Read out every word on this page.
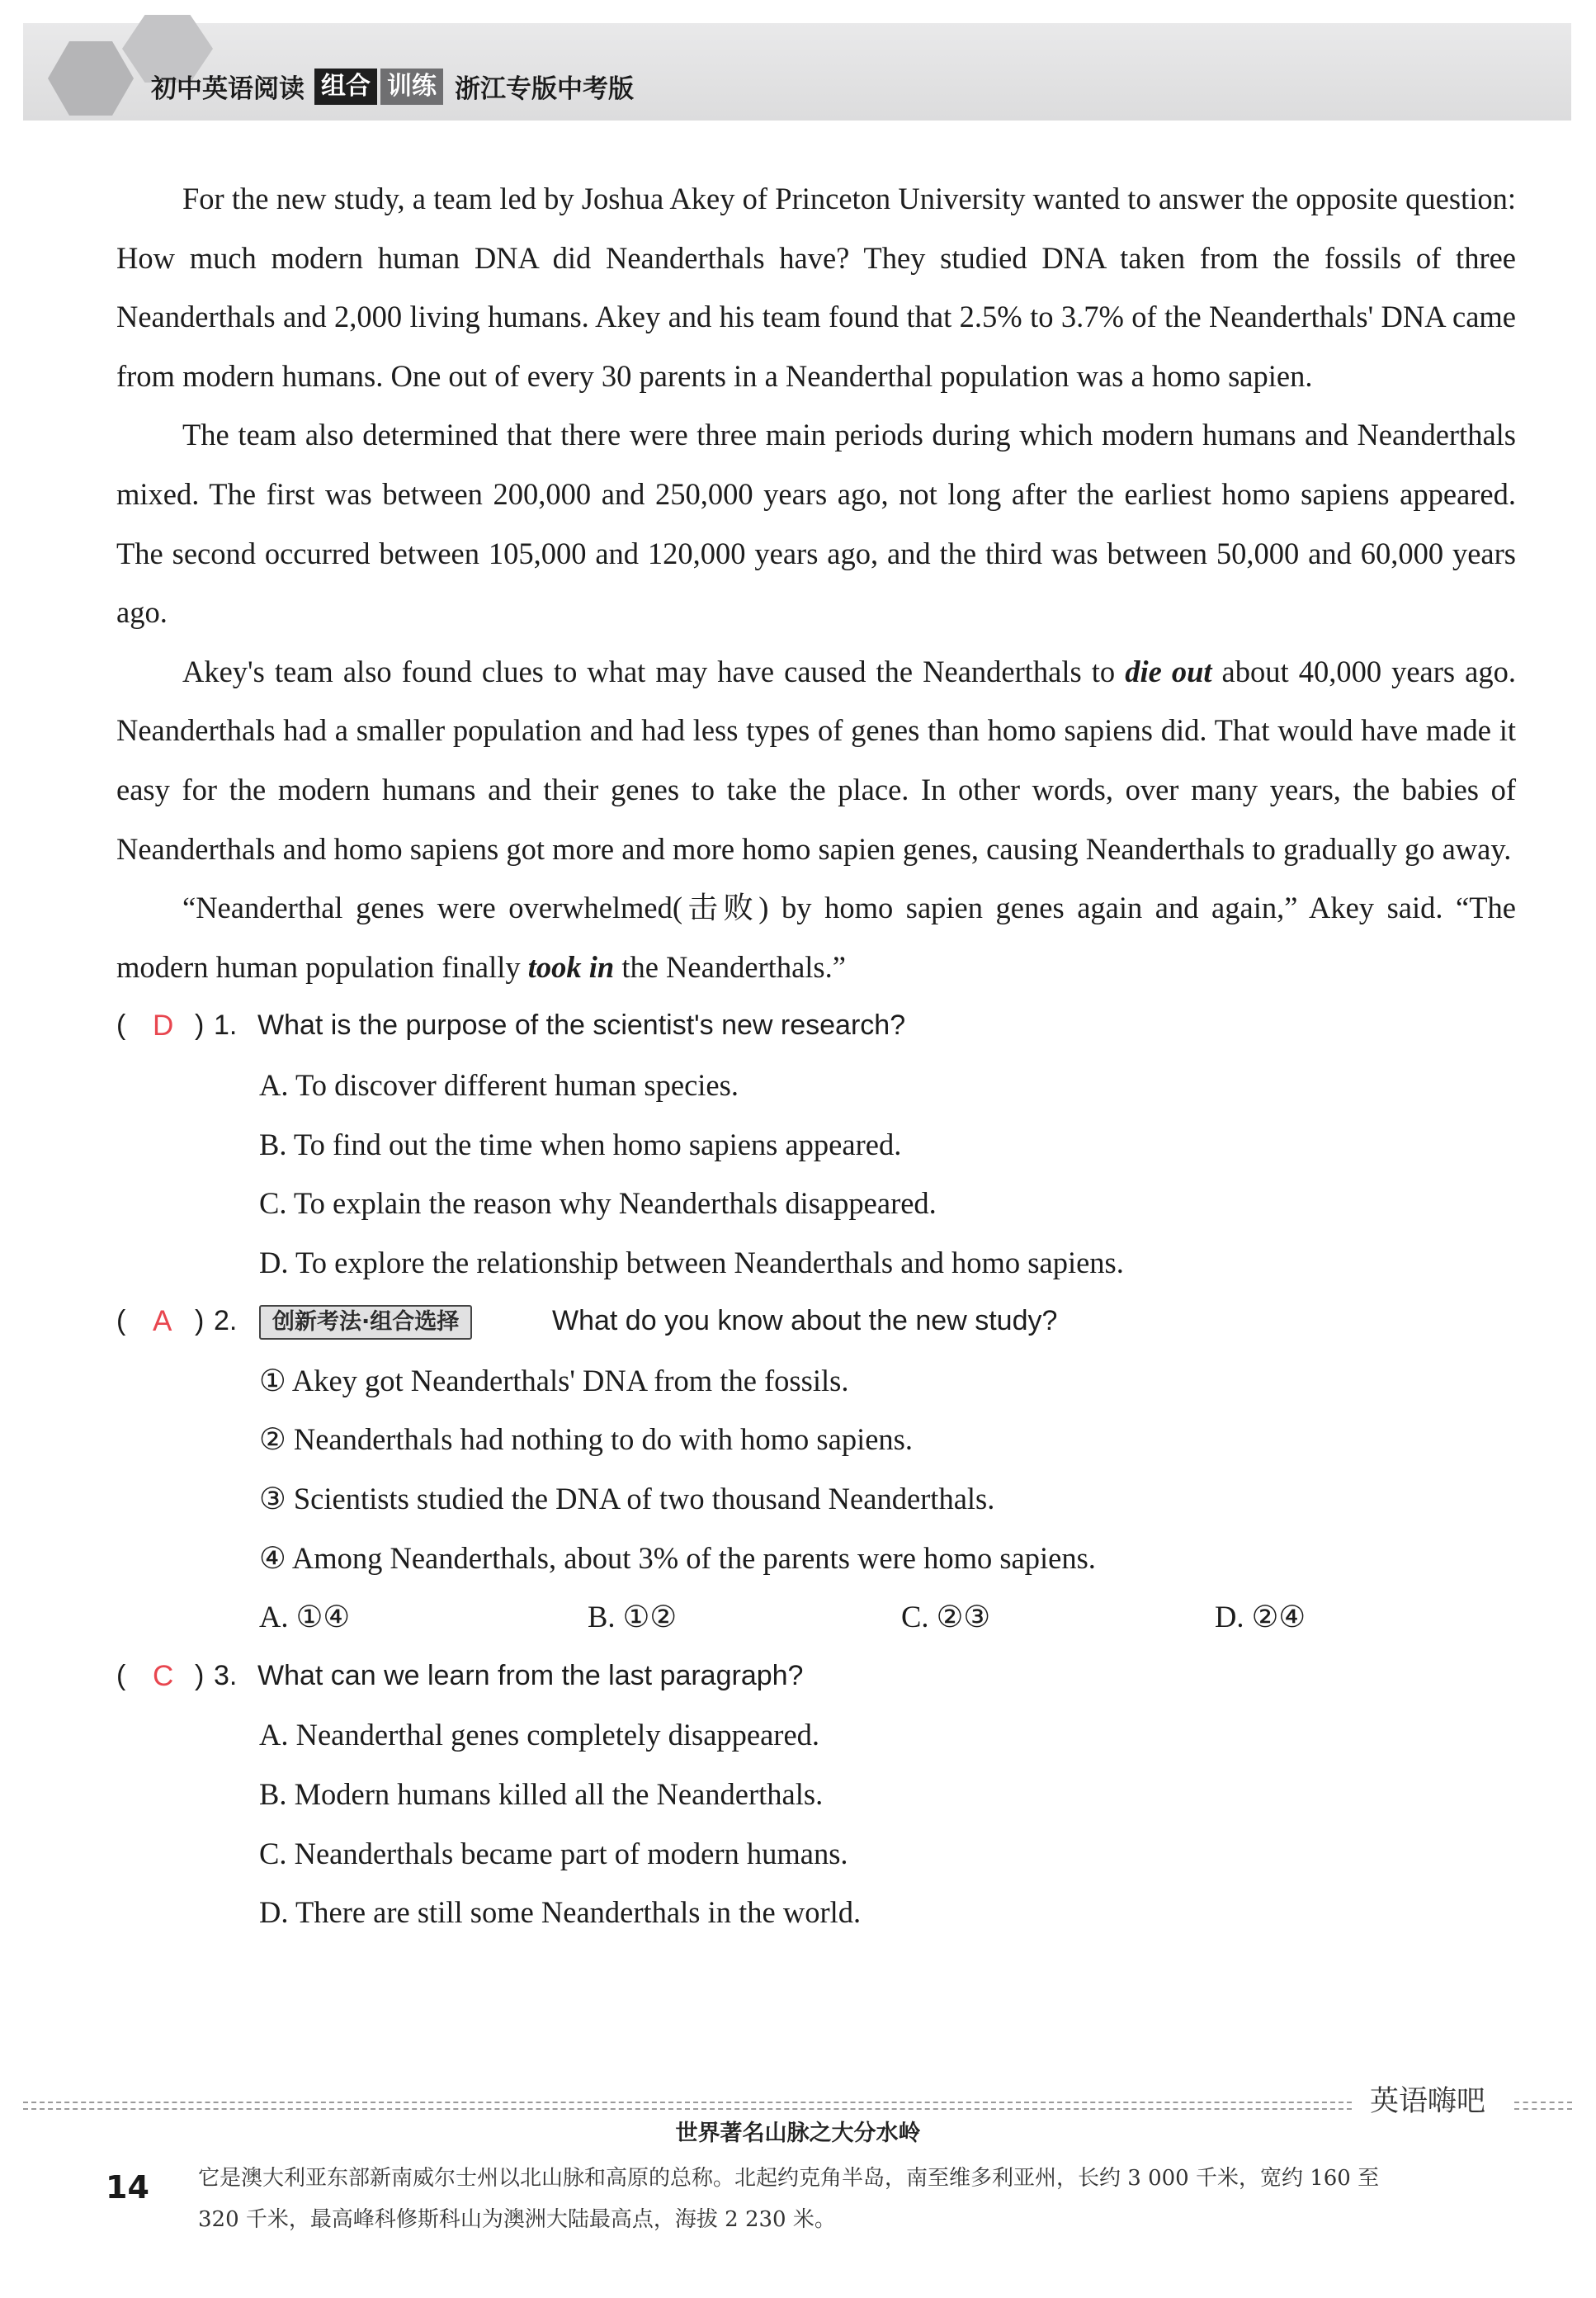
初中英语阅读 组合 训练 浙江专版中考版

For the new study, a team led by Joshua Akey of Princeton University wanted to answer the opposite question: How much modern human DNA did Neanderthals have? They studied DNA taken from the fossils of three Neanderthals and 2,000 living humans. Akey and his team found that 2.5% to 3.7% of the Neanderthals' DNA came from modern humans. One out of every 30 parents in a Neanderthal population was a homo sapien.

The team also determined that there were three main periods during which modern humans and Neanderthals mixed. The first was between 200,000 and 250,000 years ago, not long after the earliest homo sapiens appeared. The second occurred between 105,000 and 120,000 years ago, and the third was between 50,000 and 60,000 years ago.

Akey's team also found clues to what may have caused the Neanderthals to die out about 40,000 years ago. Neanderthals had a smaller population and had less types of genes than homo sapiens did. That would have made it easy for the modern humans and their genes to take the place. In other words, over many years, the babies of Neanderthals and homo sapiens got more and more homo sapien genes, causing Neanderthals to gradually go away.

“Neanderthal genes were overwhelmed(击败) by homo sapien genes again and again,” Akey said. “The modern human population finally took in the Neanderthals.”

( D ) 1. What is the purpose of the scientist's new research?
A. To discover different human species.
B. To find out the time when homo sapiens appeared.
C. To explain the reason why Neanderthals disappeared.
D. To explore the relationship between Neanderthals and homo sapiens.
( A ) 2.	创新考法·组合选择	What do you know about the new study?
① Akey got Neanderthals' DNA from the fossils.
② Neanderthals had nothing to do with homo sapiens.
③ Scientists studied the DNA of two thousand Neanderthals.
④ Among Neanderthals, about 3% of the parents were homo sapiens.
A. ①④	B. ①②	C. ②③	D. ②④
( C ) 3. What can we learn from the last paragraph?
A. Neanderthal genes completely disappeared.
B. Modern humans killed all the Neanderthals.
C. Neanderthals became part of modern humans.
D. There are still some Neanderthals in the world.
英语嗨吧
世界著名山脉之大分水岭
14 它是澳大利亚东部新南威尔士州以北山脉和高原的总称。北起约克角半岛，南至维多利亚州，长约 3 000 千米，宽约 160 至 320 千米，最高峰科修斯科山为澳洲大陆最高点，海拔 2 230 米。
